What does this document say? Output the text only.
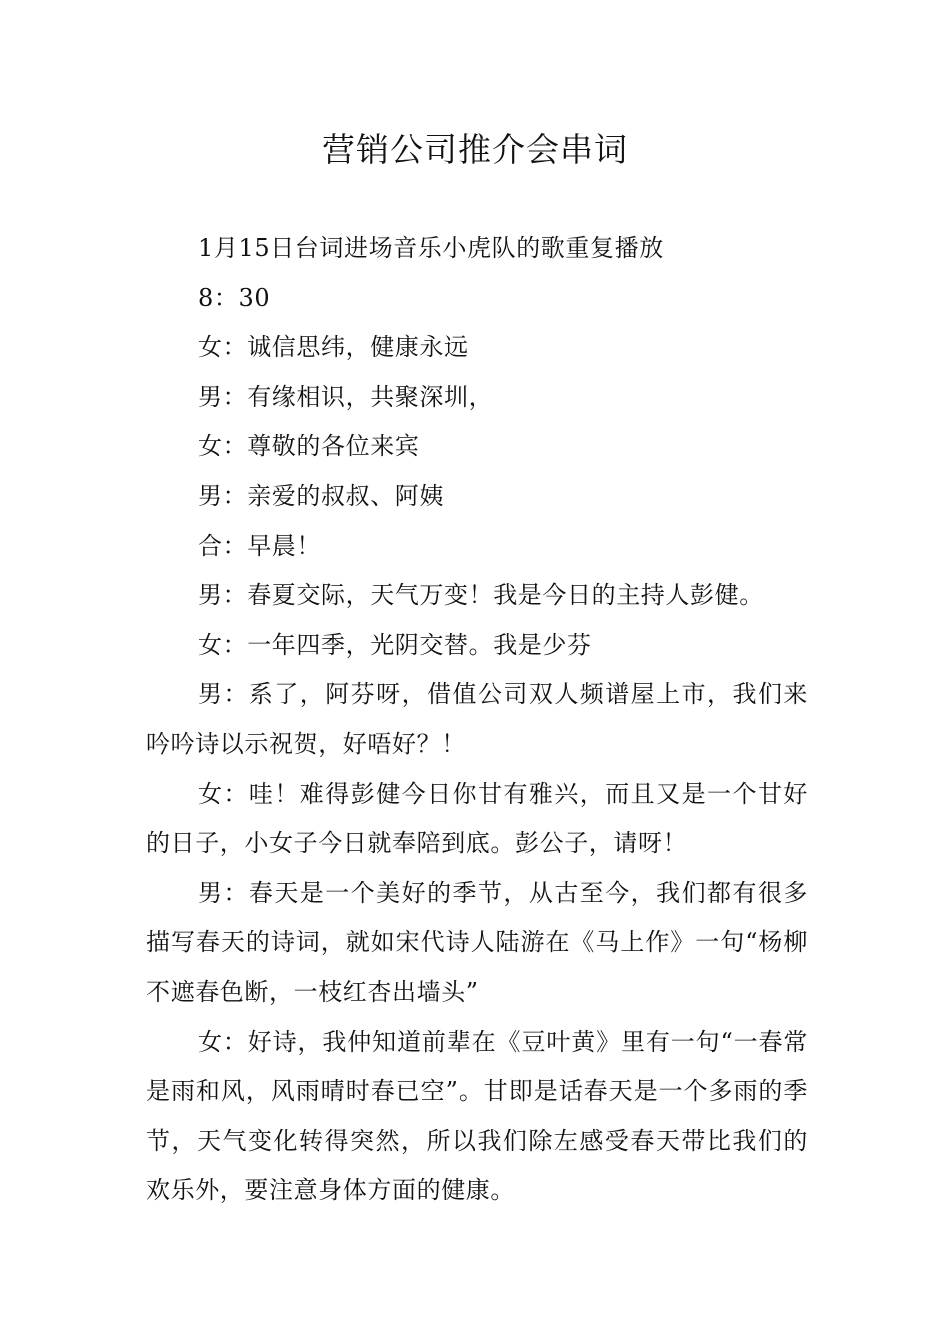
营销公司推介会串词

1月15日台词进场音乐小虎队的歌重复播放

8：30

女：诚信思纬，健康永远

男：有缘相识，共聚深圳，

女：尊敬的各位来宾

男：亲爱的叔叔、阿姨

合：早晨！

男：春夏交际，天气万变！我是今日的主持人彭健。

女：一年四季，光阴交替。我是少芬

男：系了，阿芬呀，借值公司双人频谱屋上市，我们来吟吟诗以示祝贺，好唔好？！

女：哇！难得彭健今日你甘有雅兴，而且又是一个甘好的日子，小女子今日就奉陪到底。彭公子，请呀！

男：春天是一个美好的季节，从古至今，我们都有很多描写春天的诗词，就如宋代诗人陆游在《马上作》一句“杨柳不遮春色断，一枝红杏出墙头”

女：好诗，我仲知道前辈在《豆叶黄》里有一句“一春常是雨和风，风雨晴时春已空”。甘即是话春天是一个多雨的季节，天气变化转得突然，所以我们除左感受春天带比我们的欢乐外，要注意身体方面的健康。
